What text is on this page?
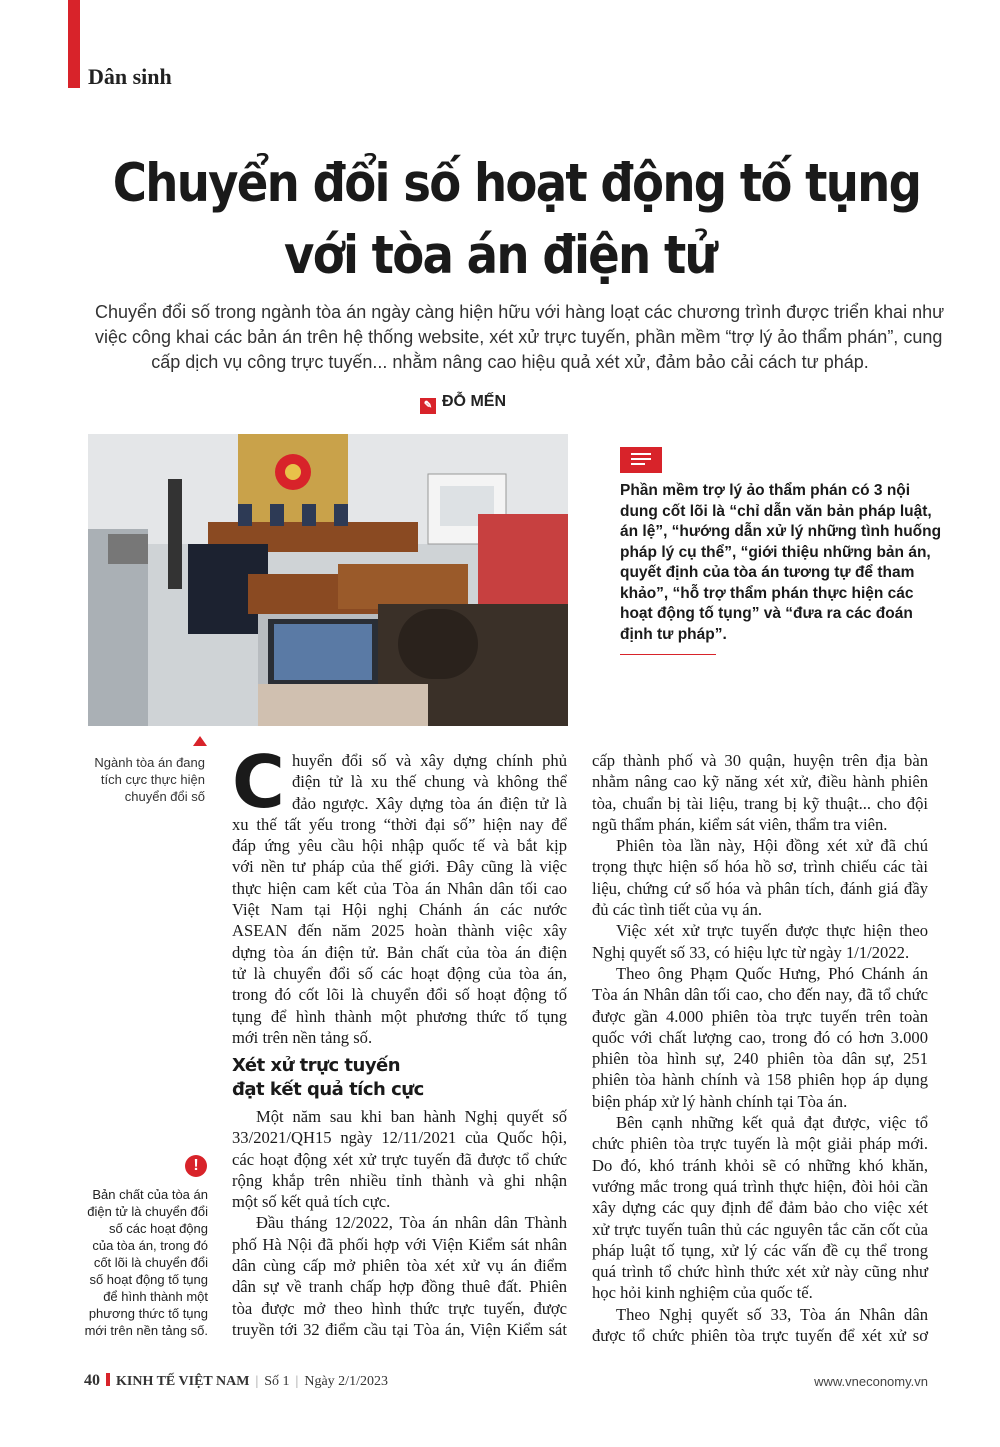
Dân sinh
Chuyển đổi số hoạt động tố tụng
với tòa án điện tử
Chuyển đổi số trong ngành tòa án ngày càng hiện hữu với hàng loạt các chương trình được triển khai như
việc công khai các bản án trên hệ thống website, xét xử trực tuyến, phần mềm “trợ lý ảo thẩm phán”, cung
cấp dịch vụ công trực tuyến... nhằm nâng cao hiệu quả xét xử, đảm bảo cải cách tư pháp.
✎ ĐỖ MẾN
Phần mềm trợ lý ảo thẩm phán có 3 nội
dung cốt lõi là “chỉ dẫn văn bản pháp luật,
án lệ”, “hướng dẫn xử lý những tình huống
pháp lý cụ thể”, “giới thiệu những bản án,
quyết định của tòa án tương tự để tham
khảo”, “hỗ trợ thẩm phán thực hiện các
hoạt động tố tụng” và “đưa ra các đoán
định tư pháp”.
Ngành tòa án đang
tích cực thực hiện
chuyển đổi số
!
Bản chất của tòa án
điện tử là chuyển đổi
số các hoạt động
của tòa án, trong đó
cốt lõi là chuyển đổi
số hoạt động tố tụng
để hình thành một
phương thức tố tụng
mới trên nền tảng số.
C huyển đổi số và xây dựng chính phủ
điện tử là xu thế chung và không thể
đảo ngược. Xây dựng tòa án điện tử là
xu thế tất yếu trong “thời đại số” hiện nay để
đáp ứng yêu cầu hội nhập quốc tế và bắt kịp
với nền tư pháp của thế giới. Đây cũng là việc
thực hiện cam kết của Tòa án Nhân dân tối cao
Việt Nam tại Hội nghị Chánh án các nước
ASEAN đến năm 2025 hoàn thành việc xây
dựng tòa án điện tử. Bản chất của tòa án điện
tử là chuyển đổi số các hoạt động của tòa án,
trong đó cốt lõi là chuyển đổi số hoạt động tố
tụng để hình thành một phương thức tố tụng
mới trên nền tảng số.
Xét xử trực tuyến
đạt kết quả tích cực
Một năm sau khi ban hành Nghị quyết số
33/2021/QH15 ngày 12/11/2021 của Quốc hội,
các hoạt động xét xử trực tuyến đã được tổ chức
rộng khắp trên nhiều tỉnh thành và ghi nhận
một số kết quả tích cực.
Đầu tháng 12/2022, Tòa án nhân dân Thành
phố Hà Nội đã phối hợp với Viện Kiểm sát nhân
dân cùng cấp mở phiên tòa xét xử vụ án điểm
dân sự về tranh chấp hợp đồng thuê đất. Phiên
tòa được mở theo hình thức trực tuyến, được
truyền tới 32 điểm cầu tại Tòa án, Viện Kiểm sát
cấp thành phố và 30 quận, huyện trên địa bàn
nhằm nâng cao kỹ năng xét xử, điều hành phiên
tòa, chuẩn bị tài liệu, trang bị kỹ thuật... cho đội
ngũ thẩm phán, kiểm sát viên, thẩm tra viên.
Phiên tòa lần này, Hội đồng xét xử đã chú
trọng thực hiện số hóa hồ sơ, trình chiếu các tài
liệu, chứng cứ số hóa và phân tích, đánh giá đầy
đủ các tình tiết của vụ án.
Việc xét xử trực tuyến được thực hiện theo
Nghị quyết số 33, có hiệu lực từ ngày 1/1/2022.
Theo ông Phạm Quốc Hưng, Phó Chánh án
Tòa án Nhân dân tối cao, cho đến nay, đã tổ chức
được gần 4.000 phiên tòa trực tuyến trên toàn
quốc với chất lượng cao, trong đó có hơn 3.000
phiên tòa hình sự, 240 phiên tòa dân sự, 251
phiên tòa hành chính và 158 phiên họp áp dụng
biện pháp xử lý hành chính tại Tòa án.
Bên cạnh những kết quả đạt được, việc tổ
chức phiên tòa trực tuyến là một giải pháp mới.
Do đó, khó tránh khỏi sẽ có những khó khăn,
vướng mắc trong quá trình thực hiện, đòi hỏi cần
xây dựng các quy định để đảm bảo cho việc xét
xử trực tuyến tuân thủ các nguyên tắc căn cốt của
pháp luật tố tụng, xử lý các vấn đề cụ thể trong
quá trình tổ chức hình thức xét xử này cũng như
học hỏi kinh nghiệm của quốc tế.
Theo Nghị quyết số 33, Tòa án Nhân dân
được tổ chức phiên tòa trực tuyến để xét xử sơ
40 KINH TẾ VIỆT NAM | Số 1 | Ngày 2/1/2023	www.vneconomy.vn
